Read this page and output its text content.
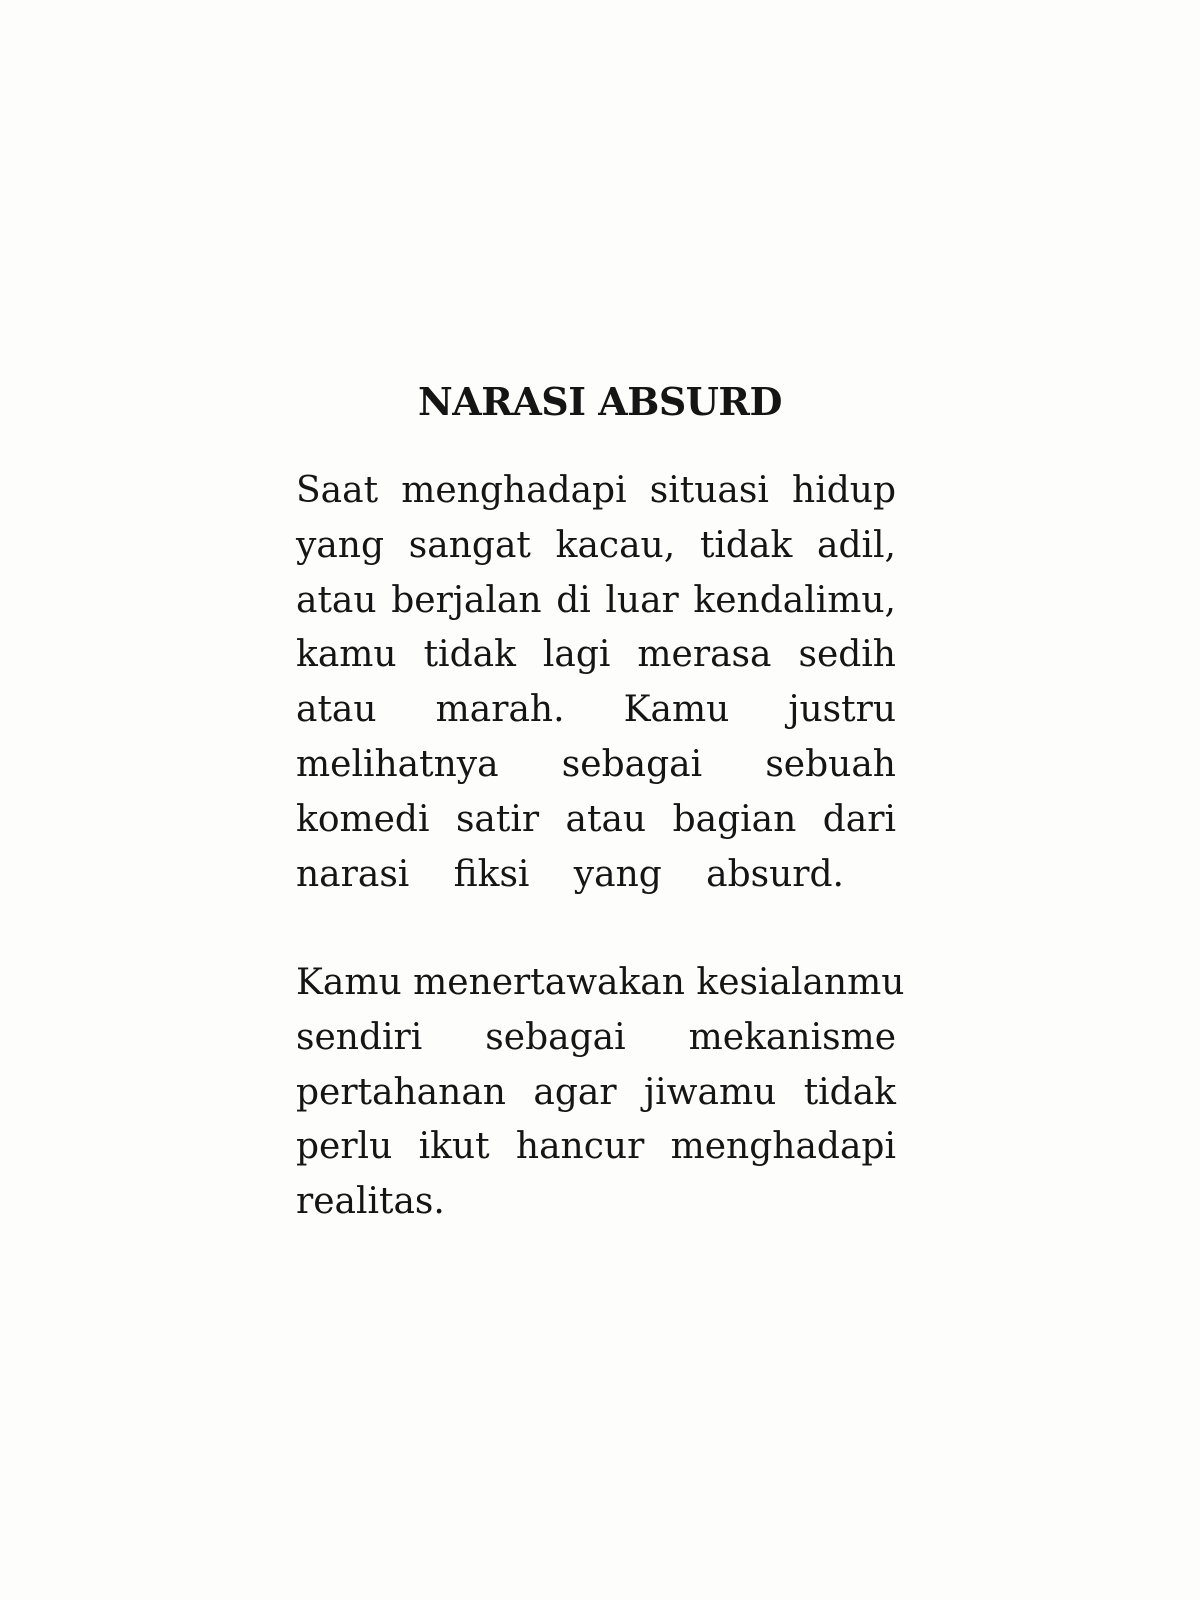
NARASI ABSURD
Saat menghadapi situasi hidup
yang sangat kacau, tidak adil,
atau berjalan di luar kendalimu,
kamu tidak lagi merasa sedih
atau marah. Kamu justru
melihatnya sebagai sebuah
komedi satir atau bagian dari
narasi fiksi yang absurd.
Kamu menertawakan kesialanmu
sendiri sebagai mekanisme
pertahanan agar jiwamu tidak
perlu ikut hancur menghadapi
realitas.
